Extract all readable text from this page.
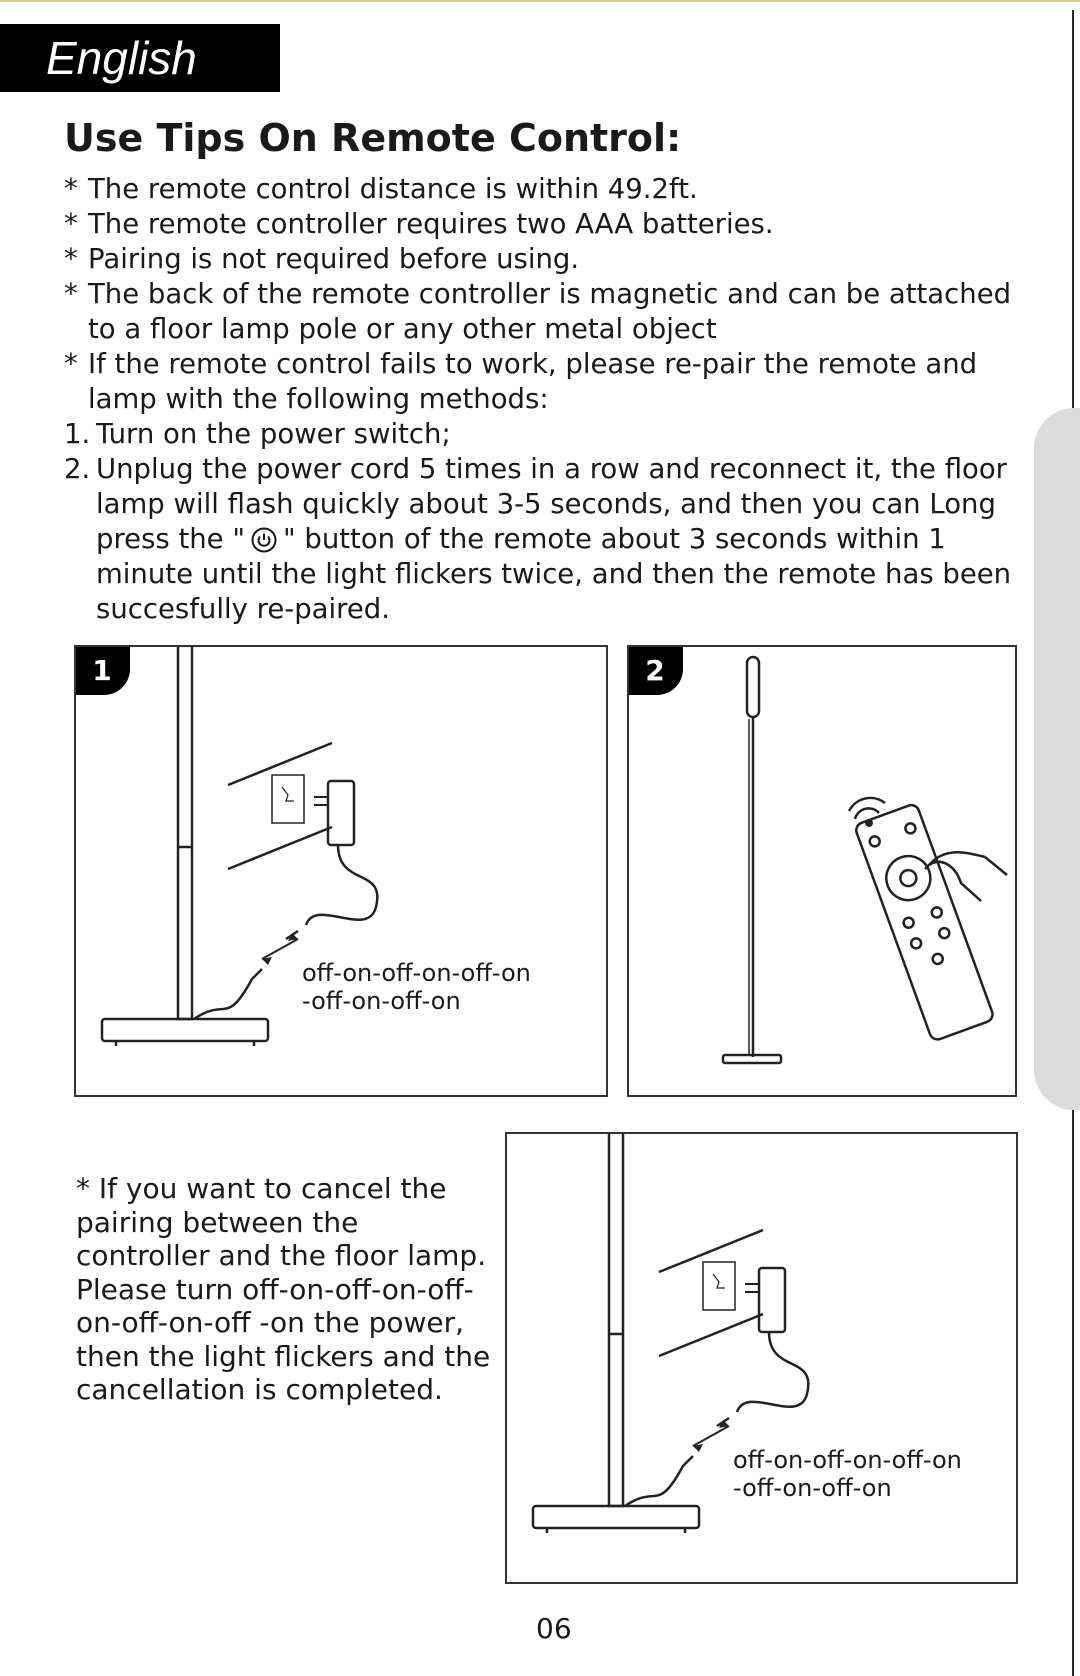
English
Use Tips On Remote Control:
* The remote control distance is within 49.2ft.
* The remote controller requires two AAA batteries.
* Pairing is not required before using.
* The back of the remote controller is magnetic and can be attached to a floor lamp pole or any other metal object
* If the remote control fails to work, please re-pair the remote and lamp with the following methods:
1. Turn on the power switch;
2. Unplug the power cord 5 times in a row and reconnect it, the floor lamp will flash quickly about 3-5 seconds, and then you can Long press the " " button of the remote about 3 seconds within 1 minute until the light flickers twice, and then the remote has been succesfully re-paired.
1
off-on-off-on-off-on
-off-on-off-on
2

* If you want to cancel the pairing between the controller and the floor lamp. Please turn off-on-off-on-off-on-off-on-off -on the power, then the light flickers and the cancellation is completed.

off-on-off-on-off-on
-off-on-off-on
06
